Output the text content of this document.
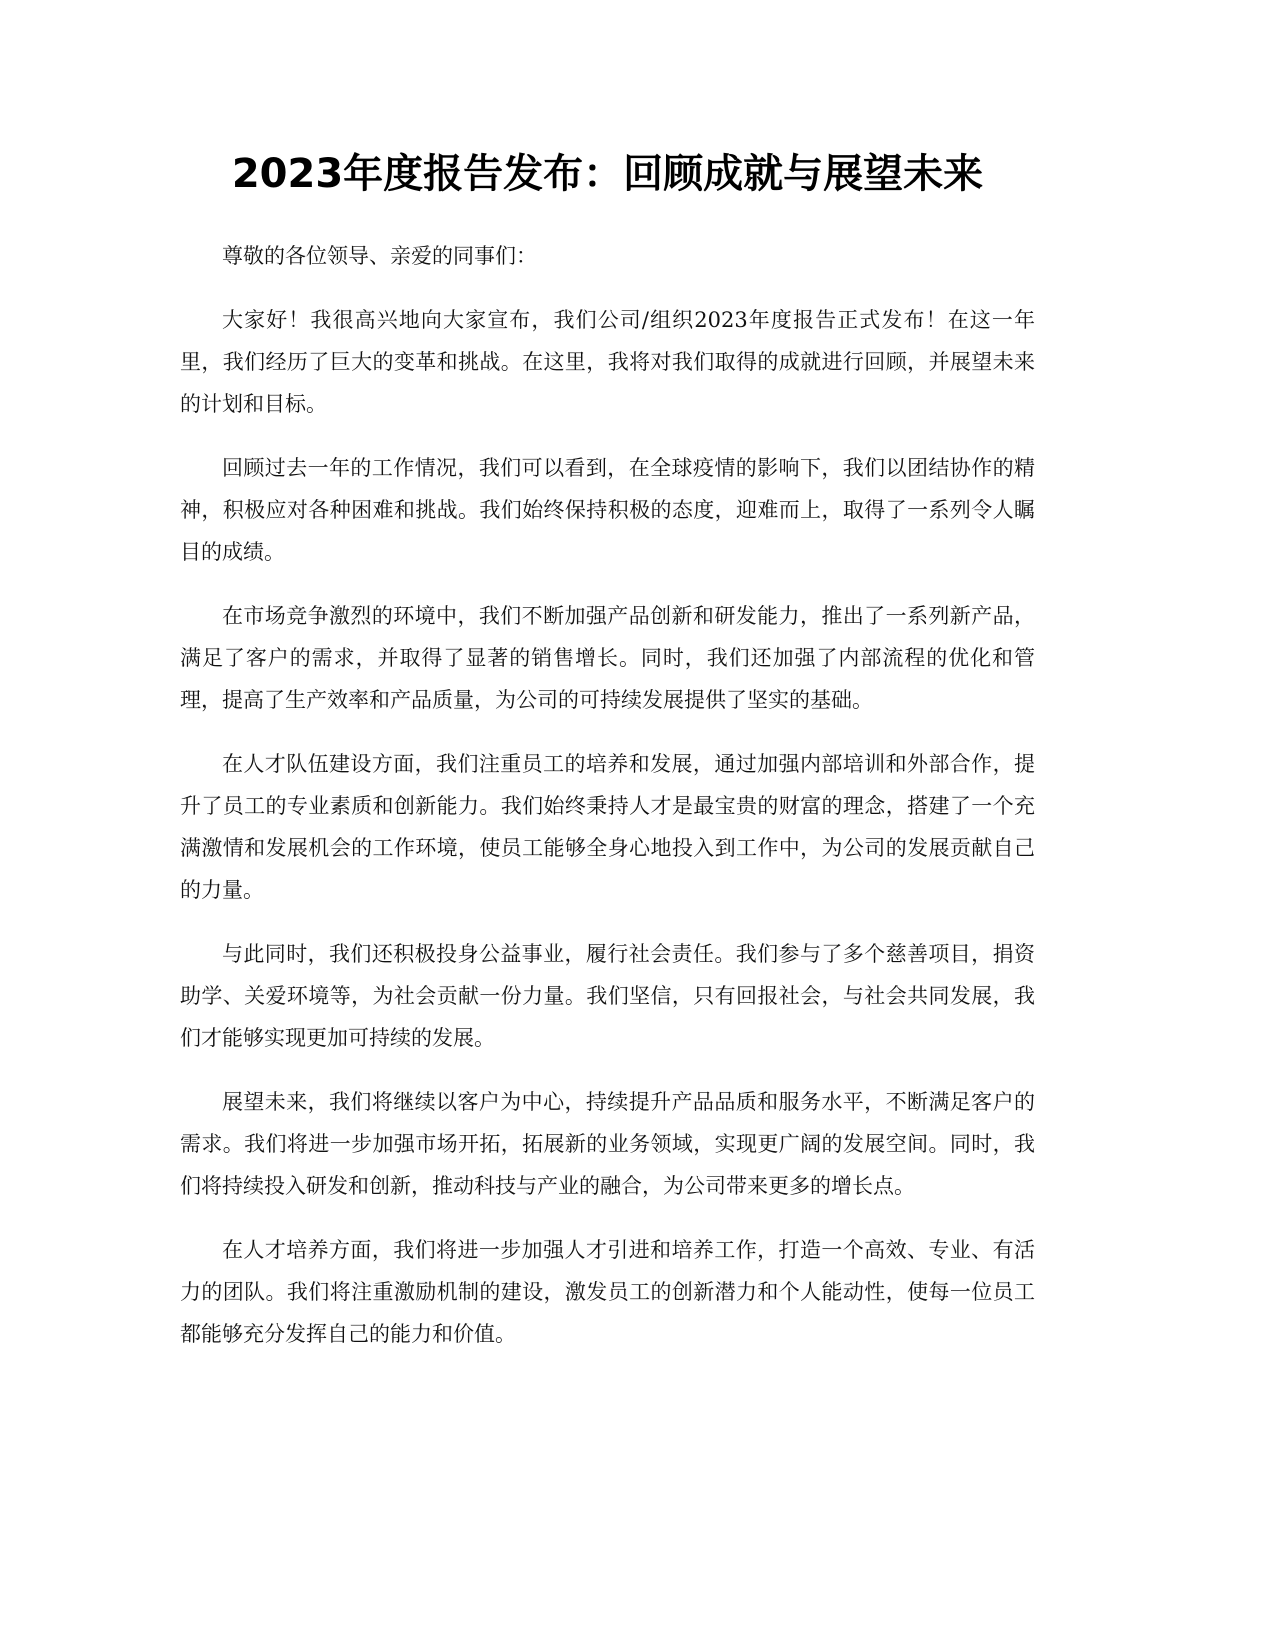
2023年度报告发布：回顾成就与展望未来

尊敬的各位领导、亲爱的同事们：

大家好！我很高兴地向大家宣布，我们公司/组织2023年度报告正式发布！在这一年里，我们经历了巨大的变革和挑战。在这里，我将对我们取得的成就进行回顾，并展望未来的计划和目标。

回顾过去一年的工作情况，我们可以看到，在全球疫情的影响下，我们以团结协作的精神，积极应对各种困难和挑战。我们始终保持积极的态度，迎难而上，取得了一系列令人瞩目的成绩。

在市场竞争激烈的环境中，我们不断加强产品创新和研发能力，推出了一系列新产品，满足了客户的需求，并取得了显著的销售增长。同时，我们还加强了内部流程的优化和管理，提高了生产效率和产品质量，为公司的可持续发展提供了坚实的基础。

在人才队伍建设方面，我们注重员工的培养和发展，通过加强内部培训和外部合作，提升了员工的专业素质和创新能力。我们始终秉持人才是最宝贵的财富的理念，搭建了一个充满激情和发展机会的工作环境，使员工能够全身心地投入到工作中，为公司的发展贡献自己的力量。

与此同时，我们还积极投身公益事业，履行社会责任。我们参与了多个慈善项目，捐资助学、关爱环境等，为社会贡献一份力量。我们坚信，只有回报社会，与社会共同发展，我们才能够实现更加可持续的发展。

展望未来，我们将继续以客户为中心，持续提升产品品质和服务水平，不断满足客户的需求。我们将进一步加强市场开拓，拓展新的业务领域，实现更广阔的发展空间。同时，我们将持续投入研发和创新，推动科技与产业的融合，为公司带来更多的增长点。

在人才培养方面，我们将进一步加强人才引进和培养工作，打造一个高效、专业、有活力的团队。我们将注重激励机制的建设，激发员工的创新潜力和个人能动性，使每一位员工都能够充分发挥自己的能力和价值。
